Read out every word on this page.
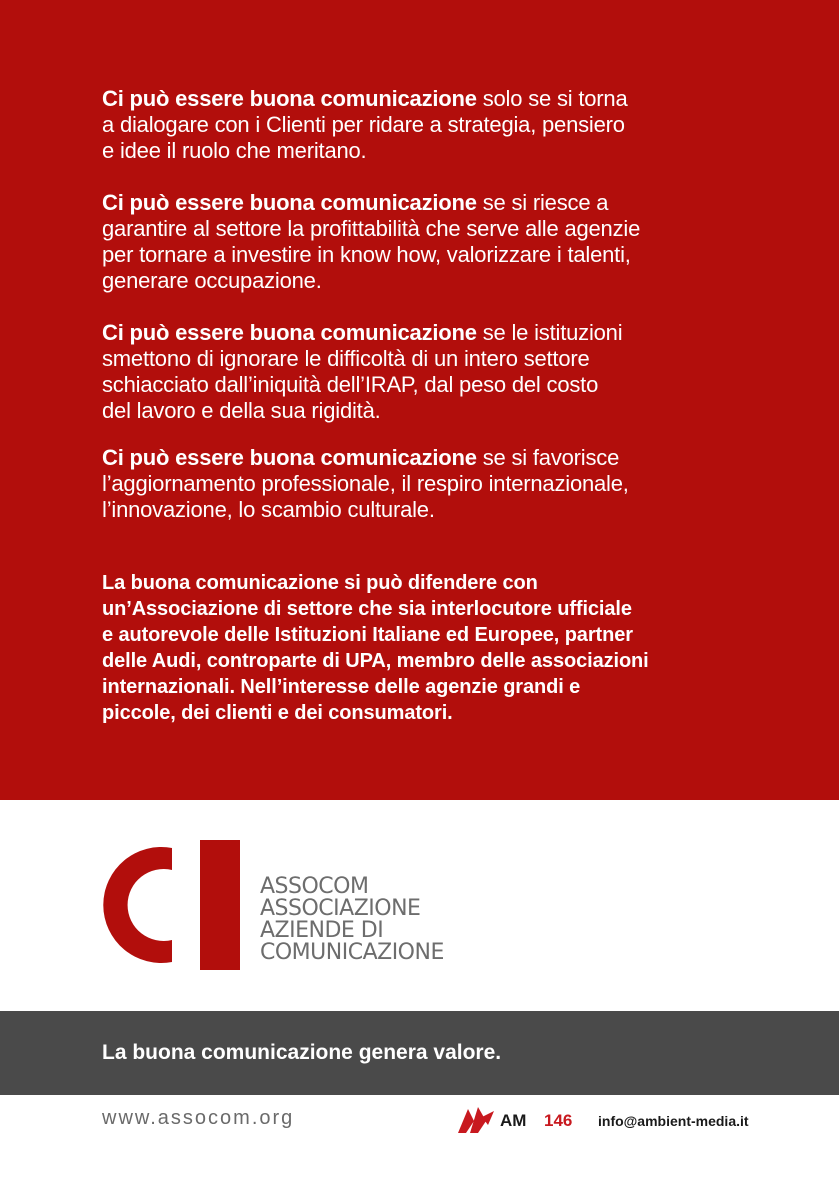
Ci può essere buona comunicazione solo se si torna
a dialogare con i Clienti per ridare a strategia, pensiero
e idee il ruolo che meritano.
Ci può essere buona comunicazione se si riesce a
garantire al settore la profittabilità che serve alle agenzie
per tornare a investire in know how, valorizzare i talenti,
generare occupazione.
Ci può essere buona comunicazione se le istituzioni
smettono di ignorare le difficoltà di un intero settore
schiacciato dall’iniquità dell’IRAP, dal peso del costo
del lavoro e della sua rigidità.
Ci può essere buona comunicazione se si favorisce
l’aggiornamento professionale, il respiro internazionale,
l’innovazione, lo scambio culturale.
La buona comunicazione si può difendere con
un’Associazione di settore che sia interlocutore ufficiale
e autorevole delle Istituzioni Italiane ed Europee, partner
delle Audi, controparte di UPA, membro delle associazioni
internazionali. Nell’interesse delle agenzie grandi e
piccole, dei clienti e dei consumatori.
C	ASSOCOM
ASSOCIAZIONE
AZIENDE DI
COMUNICAZIONE
La buona comunicazione genera valore.
www.assocom.org	AM 146 info@ambient-media.it
